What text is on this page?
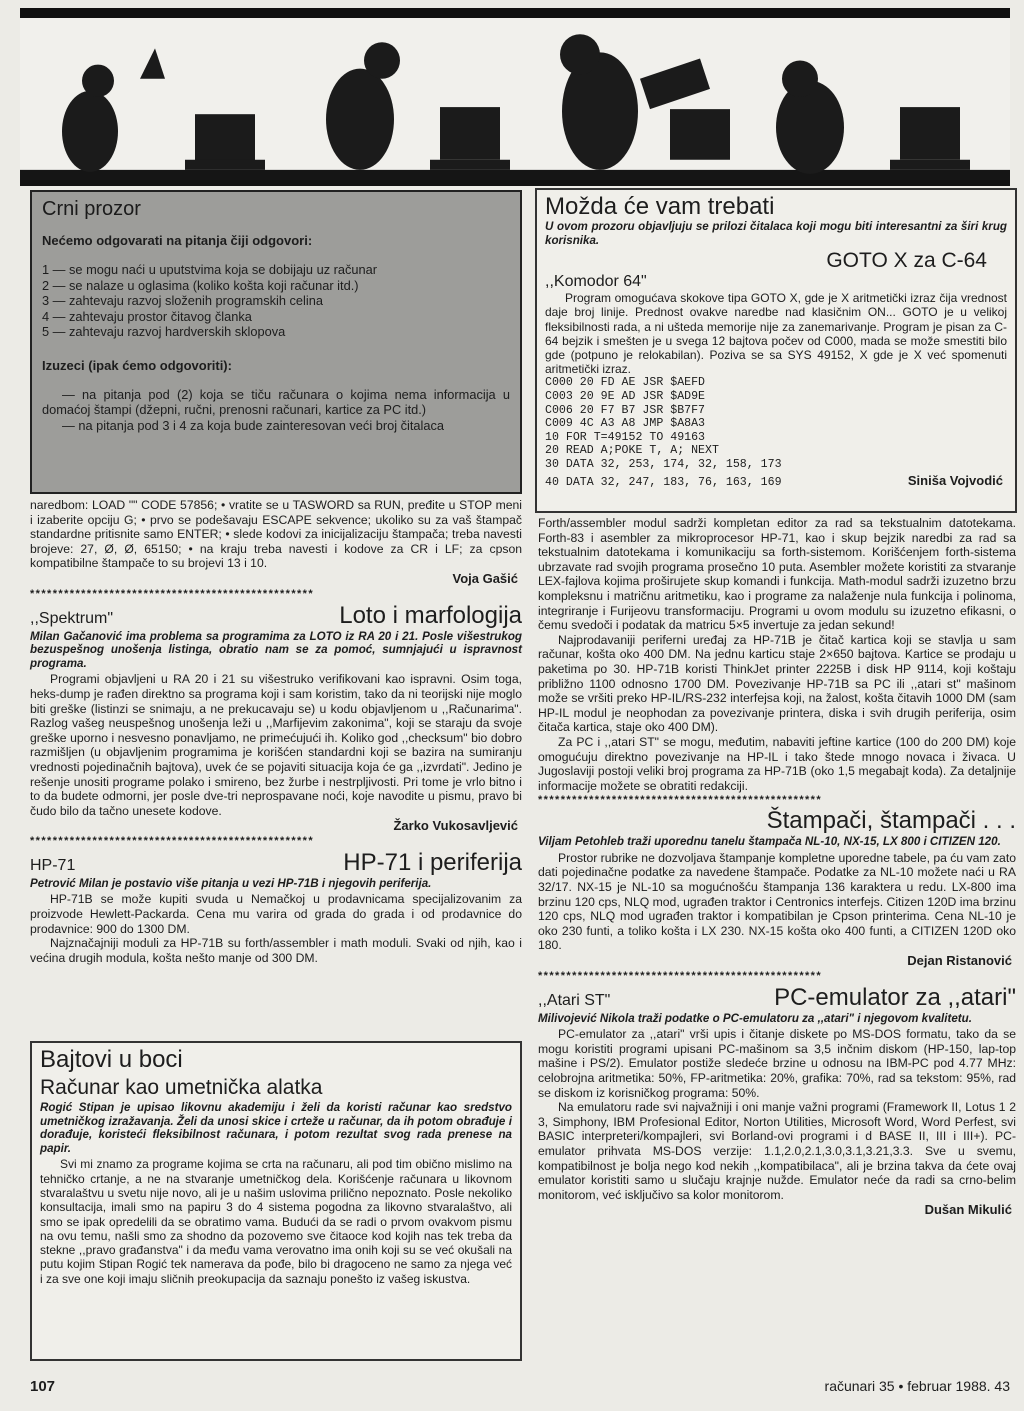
Crni prozor
Nećemo odgovarati na pitanja čiji odgovori:
1 — se mogu naći u uputstvima koja se dobijaju uz računar
2 — se nalaze u oglasima (koliko košta koji računar itd.)
3 — zahtevaju razvoj složenih programskih celina
4 — zahtevaju prostor čitavog članka
5 — zahtevaju razvoj hardverskih sklopova
Izuzeci (ipak ćemo odgovoriti):

— na pitanja pod (2) koja se tiču računara o kojima nema informacija u domaćoj štampi (džepni, ručni, prenosni računari, kartice za PC itd.)

— na pitanja pod 3 i 4 za koja bude zainteresovan veći broj čitalaca

naredbom: LOAD "" CODE 57856; • vratite se u TASWORD sa RUN, pređite u STOP meni i izaberite opciju G; • prvo se podešavaju ESCAPE sekvence; ukoliko su za vaš štampač standardne pritisnite samo ENTER; • slede kodovi za inicijalizaciju štampača; treba navesti brojeve: 27, Ø, Ø, 65150; • na kraju treba navesti i kodove za CR i LF; za cpson kompatibilne štampače to su brojevi 13 i 10.

Voja Gašić
**************************************************
,,Spektrum"	Loto i marfologija

Milan Gačanović ima problema sa programima za LOTO iz RA 20 i 21. Posle višestrukog bezuspešnog unošenja listinga, obratio nam se za pomoć, sumnjajući u ispravnost programa.

Programi objavljeni u RA 20 i 21 su višestruko verifikovani kao ispravni. Osim toga, heks-dump je rađen direktno sa programa koji i sam koristim, tako da ni teorijski nije moglo biti greške (listinzi se snimaju, a ne prekucavaju se) u kodu objavljenom u ,,Računarima". Razlog vašeg neuspešnog unošenja leži u ,,Marfijevim zakonima", koji se staraju da svoje greške uporno i nesvesno ponavljamo, ne primećujući ih. Koliko god ,,checksum" bio dobro razmišljen (u objavljenim programima je korišćen standardni koji se bazira na sumiranju vrednosti pojedinačnih bajtova), uvek će se pojaviti situacija koja će ga ,,izvrdati". Jedino je rešenje unositi programe polako i smireno, bez žurbe i nestrpljivosti. Pri tome je vrlo bitno i to da budete odmorni, jer posle dve-tri neprospavane noći, koje navodite u pismu, pravo bi čudo bilo da tačno unesete kodove.

Žarko Vukosavljević
**************************************************
HP-71	HP-71 i periferija

Petrović Milan je postavio više pitanja u vezi HP-71B i njegovih periferija.

HP-71B se može kupiti svuda u Nemačkoj u prodavnicama specijalizovanim za proizvode Hewlett-Packarda. Cena mu varira od grada do grada i od prodavnice do prodavnice: 900 do 1300 DM.

Najznačajniji moduli za HP-71B su forth/assembler i math moduli. Svaki od njih, kao i većina drugih modula, košta nešto manje od 300 DM.

Bajtovi u boci
Računar kao umetnička alatka

Rogić Stipan je upisao likovnu akademiju i želi da koristi računar kao sredstvo umetničkog izražavanja. Želi da unosi skice i crteže u računar, da ih potom obrađuje i dorađuje, koristeći fleksibilnost računara, i potom rezultat svog rada prenese na papir.

Svi mi znamo za programe kojima se crta na računaru, ali pod tim obično mislimo na tehničko crtanje, a ne na stvaranje umetničkog dela. Korišćenje računara u likovnom stvaralaštvu u svetu nije novo, ali je u našim uslovima prilično nepoznato. Posle nekoliko konsultacija, imali smo na papiru 3 do 4 sistema pogodna za likovno stvaralaštvo, ali smo se ipak opredelili da se obratimo vama. Budući da se radi o prvom ovakvom pismu na ovu temu, našli smo za shodno da pozovemo sve čitaoce kod kojih nas tek treba da stekne ,,pravo građanstva" i da među vama verovatno ima onih koji su se već okušali na putu kojim Stipan Rogić tek namerava da pođe, bilo bi dragoceno ne samo za njega već i za sve one koji imaju sličnih preokupacija da saznaju ponešto iz vašeg iskustva.

Možda će vam trebati

U ovom prozoru objavljuju se prilozi čitalaca koji mogu biti interesantni za širi krug korisnika.

GOTO X za C-64
,,Komodor 64"

Program omogućava skokove tipa GOTO X, gde je X aritmetički izraz čija vrednost daje broj linije. Prednost ovakve naredbe nad klasičnim ON... GOTO je u velikoj fleksibilnosti rada, a ni ušteda memorije nije za zanemarivanje. Program je pisan za C-64 bejzik i smešten je u svega 12 bajtova počev od C000, mada se može smestiti bilo gde (potpuno je relokabilan). Poziva se sa SYS 49152, X gde je X već spomenuti aritmetički izraz.

C000 20 FD AE JSR $AEFD
C003 20 9E AD JSR $AD9E
C006 20 F7 B7 JSR $B7F7
C009 4C A3 A8 JMP $A8A3
10 FOR T=49152 TO 49163
20 READ A;POKE T, A; NEXT
30 DATA 32, 253, 174, 32, 158, 173
40 DATA 32, 247, 183, 76, 163, 169	Siniša Vojvodić

Forth/assembler modul sadrži kompletan editor za rad sa tekstualnim datotekama. Forth-83 i asembler za mikroprocesor HP-71, kao i skup bejzik naredbi za rad sa tekstualnim datotekama i komunikaciju sa forth-sistemom. Korišćenjem forth-sistema ubrzavate rad svojih programa prosečno 10 puta. Asembler možete koristiti za stvaranje LEX-fajlova kojima proširujete skup komandi i funkcija. Math-modul sadrži izuzetno brzu kompleksnu i matričnu aritmetiku, kao i programe za nalaženje nula funkcija i polinoma, integriranje i Furijeovu transformaciju. Programi u ovom modulu su izuzetno efikasni, o čemu svedoči i podatak da matricu 5×5 invertuje za jedan sekund!

Najprodavaniji periferni uređaj za HP-71B je čitač kartica koji se stavlja u sam računar, košta oko 400 DM. Na jednu karticu staje 2×650 bajtova. Kartice se prodaju u paketima po 30. HP-71B koristi ThinkJet printer 2225B i disk HP 9114, koji koštaju približno 1100 odnosno 1700 DM. Povezivanje HP-71B sa PC ili ,,atari st" mašinom može se vršiti preko HP-IL/RS-232 interfejsa koji, na žalost, košta čitavih 1000 DM (sam HP-IL modul je neophodan za povezivanje printera, diska i svih drugih periferija, osim čitača kartica, staje oko 400 DM).

Za PC i ,,atari ST" se mogu, međutim, nabaviti jeftine kartice (100 do 200 DM) koje omogućuju direktno povezivanje na HP-IL i tako štede mnogo novaca i živaca. U Jugoslaviji postoji veliki broj programa za HP-71B (oko 1,5 megabajt koda). Za detaljnije informacije možete se obratiti redakciji.

**************************************************
Štampači, štampači . . .

Viljam Petohleb traži uporednu tanelu štampača NL-10, NX-15, LX 800 i CITIZEN 120.

Prostor rubrike ne dozvoljava štampanje kompletne uporedne tabele, pa ću vam zato dati pojedinačne podatke za navedene štampače. Podatke za NL-10 možete naći u RA 32/17. NX-15 je NL-10 sa mogućnošću štampanja 136 karaktera u redu. LX-800 ima brzinu 120 cps, NLQ mod, ugrađen traktor i Centronics interfejs. Citizen 120D ima brzinu 120 cps, NLQ mod ugrađen traktor i kompatibilan je Cpson printerima. Cena NL-10 je oko 230 funti, a toliko košta i LX 230. NX-15 košta oko 400 funti, a CITIZEN 120D oko 180.

Dejan Ristanović
**************************************************
,,Atari ST"	PC-emulator za ,,atari"

Milivojević Nikola traži podatke o PC-emulatoru za ,,atari" i njegovom kvalitetu.

PC-emulator za ,,atari" vrši upis i čitanje diskete po MS-DOS formatu, tako da se mogu koristiti programi upisani PC-mašinom sa 3,5 inčnim diskom (HP-150, lap-top mašine i PS/2). Emulator postiže sledeće brzine u odnosu na IBM-PC pod 4.77 MHz: celobrojna aritmetika: 50%, FP-aritmetika: 20%, grafika: 70%, rad sa tekstom: 95%, rad se diskom iz korisničkog programa: 50%.

Na emulatoru rade svi najvažniji i oni manje važni programi (Framework II, Lotus 1 2 3, Simphony, IBM Profesional Editor, Norton Utilities, Microsoft Word, Word Perfest, svi BASIC interpreteri/kompajleri, svi Borland-ovi programi i d BASE II, III i III+). PC-emulator prihvata MS-DOS verzije: 1.1,2.0,2.1,3.0,3.1,3.21,3.3. Sve u svemu, kompatibilnost je bolja nego kod nekih ,,kompatibilaca", ali je brzina takva da ćete ovaj emulator koristiti samo u slučaju krajnje nužde. Emulator neće da radi sa crno-belim monitorom, već isključivo sa kolor monitorom.

Dušan Mikulić
107	računari 35 • februar 1988. 43
